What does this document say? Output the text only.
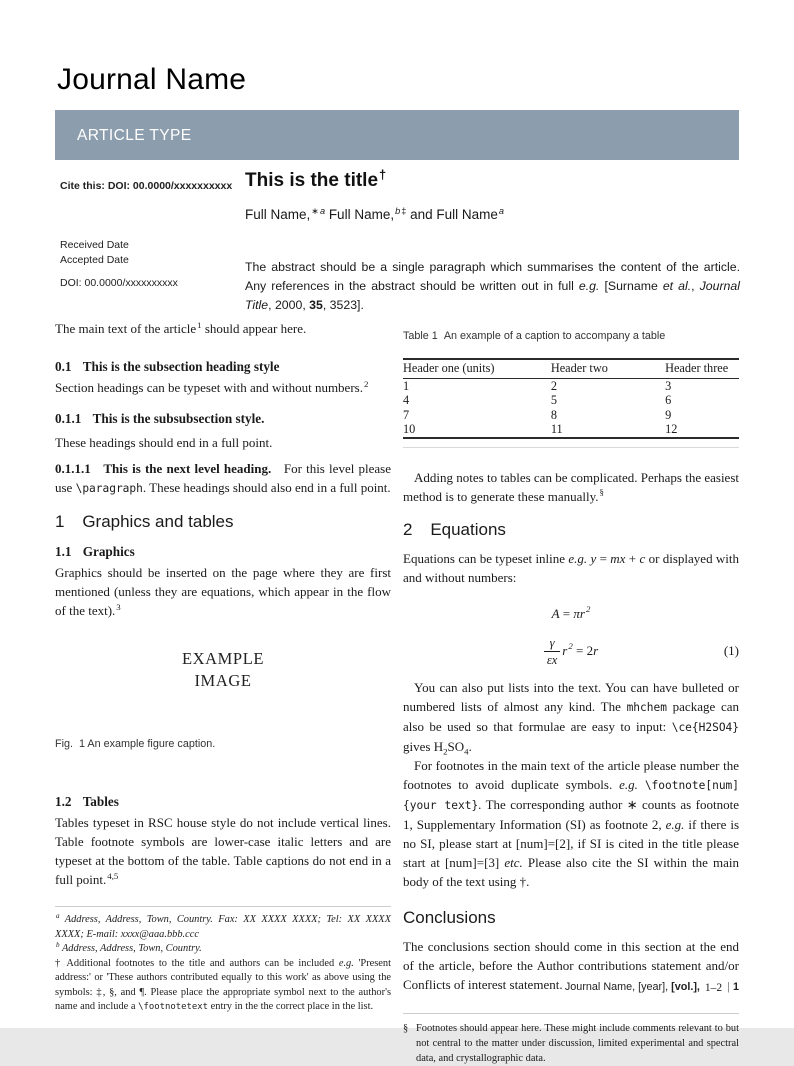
Journal Name
ARTICLE TYPE
Cite this: DOI: 00.0000/xxxxxxxxxx
Received Date
Accepted Date
DOI: 00.0000/xxxxxxxxxx
This is the title†
Full Name,$^{∗a}$ Full Name,$^{b\ddagger}$ and Full Name$^a$
The abstract should be a single paragraph which summarises the content of the article. Any references in the abstract should be written out in full e.g. [Surname et al., Journal Title, 2000, 35, 3523].

The main text of the article$^1$ should appear here.

0.1 This is the subsection heading style

Section headings can be typeset with and without numbers.$^2$

0.1.1 This is the subsubsection style.

These headings should end in a full point.

0.1.1.1   This is the next level heading.   For this level please use \paragraph. These headings should also end in a full point.

1 Graphics and tables
1.1 Graphics

Graphics should be inserted on the page where they are first mentioned (unless they are equations, which appear in the flow of the text).$^3$

EXAMPLE
IMAGE
Fig.  1 An example figure caption.
1.2 Tables

Tables typeset in RSC house style do not include vertical lines. Table footnote symbols are lower-case italic letters and are typeset at the bottom of the table. Table captions do not end in a full point.$^{4,5}$

$^a$ Address, Address, Town, Country. Fax: XX XXXX XXXX; Tel: XX XXXX XXXX; E-mail: xxxx@aaa.bbb.ccc

$^b$ Address, Address, Town, Country.

† Additional footnotes to the title and authors can be included e.g. 'Present address:' or 'These authors contributed equally to this work' as above using the symbols: ‡, §, and ¶. Please place the appropriate symbol next to the author's name and include a \footnotetext entry in the the correct place in the list.

Table 1  An example of a caption to accompany a table
Header one (units)	Header two	Header three
1	2	3
4	5	6
7	8	9
10	11	12

Adding notes to tables can be complicated. Perhaps the easiest method is to generate these manually.§

2 Equations

Equations can be typeset inline e.g. y = mx + c or displayed with and without numbers:

$A = \pi r^2$
$\frac{\gamma}{\varepsilon x} r^2 = 2r$	(1)

You can also put lists into the text. You can have bulleted or numbered lists of almost any kind. The mhchem package can also be used so that formulae are easy to input: \ce{H2SO4} gives $H_2SO_4$.

For footnotes in the main text of the article please number the footnotes to avoid duplicate symbols. e.g. \footnote[num]{your text}. The corresponding author ∗ counts as footnote 1, Supplementary Information (SI) as footnote 2, e.g. if there is no SI, please start at [num]=[2], if SI is cited in the title please start at [num]=[3] etc. Please also cite the SI within the main body of the text using †.

Conclusions

The conclusions section should come in this section at the end of the article, before the Author contributions statement and/or Conflicts of interest statement.

§ Footnotes should appear here. These might include comments relevant to but not central to the matter under discussion, limited experimental and spectral data, and crystallographic data.
Journal Name, [year], [vol.], 1–2 | 1
